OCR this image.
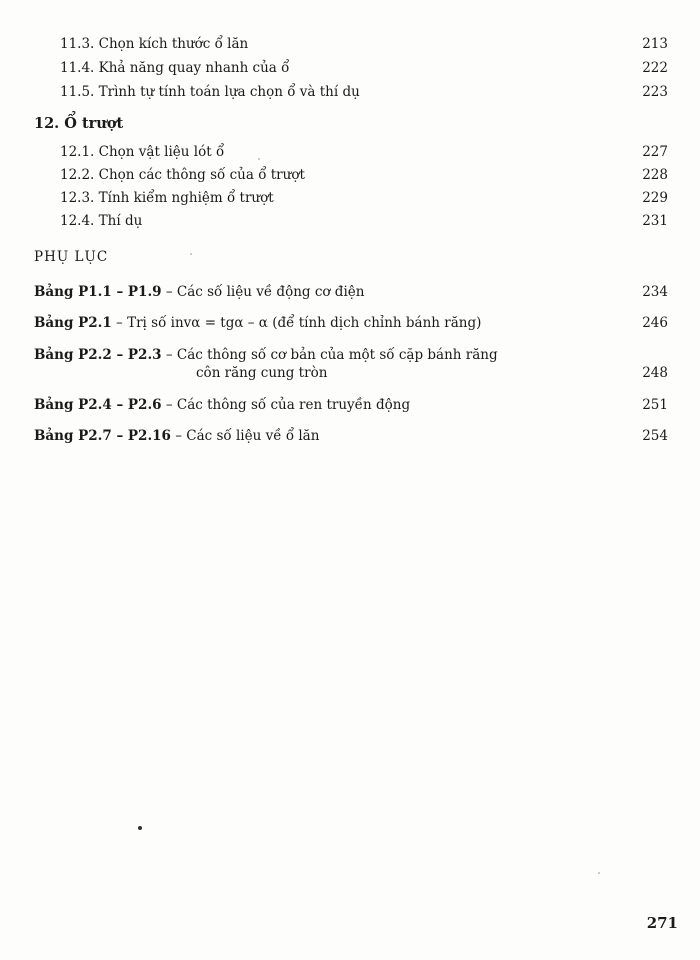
11.3. Chọn kích thước ổ lăn	213
11.4. Khả năng quay nhanh của ổ	222
11.5. Trình tự tính toán lựa chọn ổ và thí dụ	223
12. Ổ trượt
12.1. Chọn vật liệu lót ổ	227
12.2. Chọn các thông số của ổ trượt	228
12.3. Tính kiểm nghiệm ổ trượt	229
12.4. Thí dụ	231
PHỤ LỤC
Bảng P1.1 – P1.9 – Các số liệu về động cơ điện	234
Bảng P2.1 – Trị số invα = tgα – α (để tính dịch chỉnh bánh răng)	246
Bảng P2.2 – P2.3 – Các thông số cơ bản của một số cặp bánh răng
côn răng cung tròn	248
Bảng P2.4 – P2.6 – Các thông số của ren truyền động	251
Bảng P2.7 – P2.16 – Các số liệu về ổ lăn	254
271
